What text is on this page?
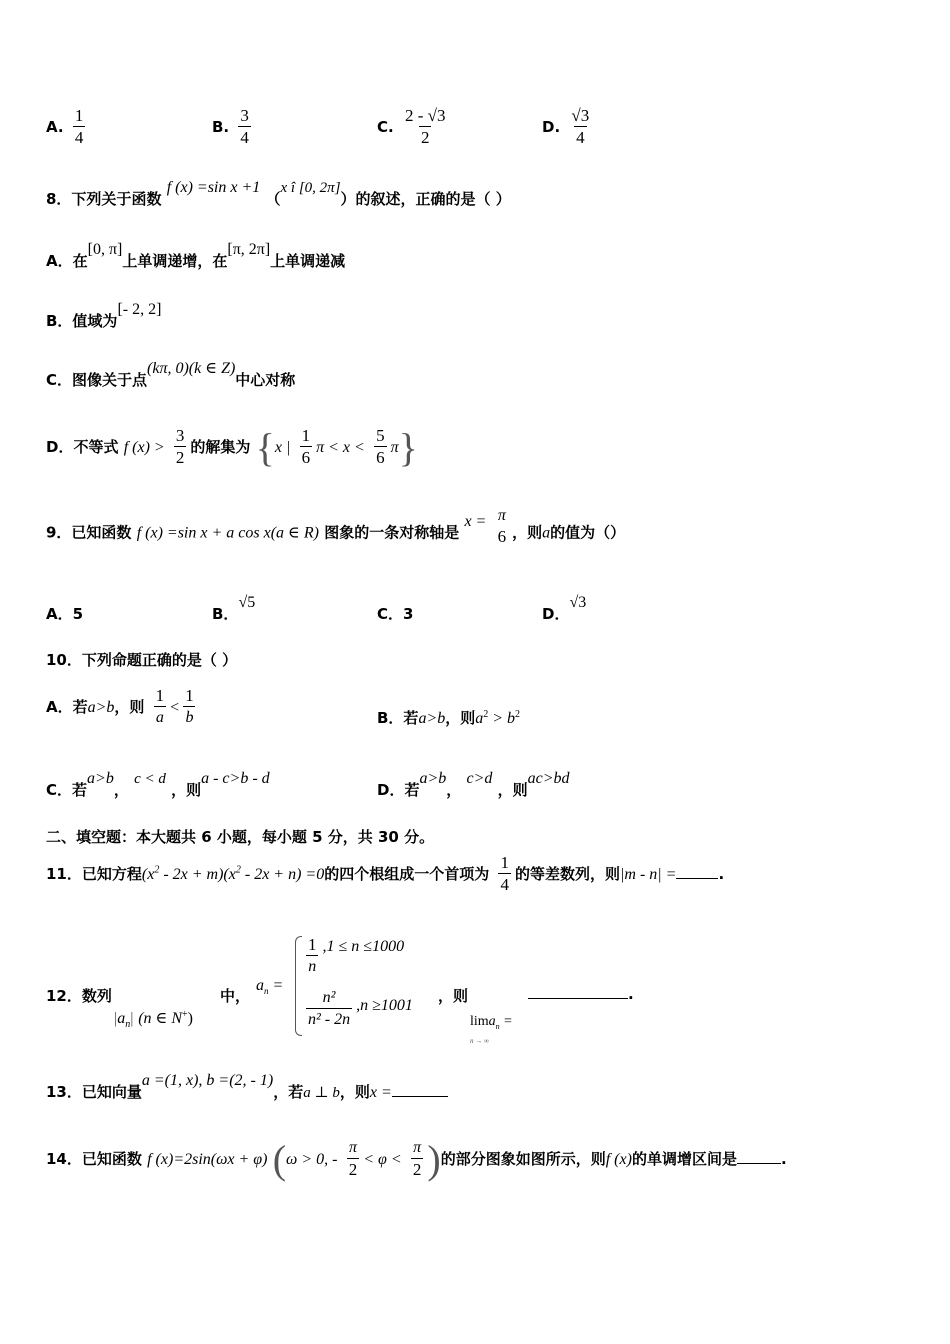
A. $\frac{1}{4}$	B. $\frac{3}{4}$	C. $\frac{2 - √3}{2}$	D. $\frac{√3}{4}$
8．下列关于函数 f (x) =sin x +1 （x î [0, 2π]）的叙述，正确的是（ ）
A．在[0, π]上单调递增，在[π, 2π]上单调递减
B．值域为[- 2, 2]
C．图像关于点(kπ, 0)(k ∈ Z)中心对称
D．不等式 f $(x) > \frac{3}{2}$ 的解集为 {x | $\frac{1}{6}$ $\pi < x < \frac{5}{6} \pi$}
9．已知函数 f (x) =sin x + a cos x(a ∈ R) 图象的一条对称轴是 x = π
6 ，则a的值为（）
A．5	B．√5
C．3	D．√3
10．下列命题正确的是（ ）
A．若a>b，则 $\frac{1}{a} < \frac{1}{b}$	B．若a>b，则$a^2 > b^2$
C．若a>b， c < d ，则a - c>b - d
D．若a>b， c>d ，则ac>bd
二、填空题：本大题共 6 小题，每小题 5 分，共 30 分。
11．已知方程$(x^2 - 2x + m)(x^2 - 2x + n) =0$的四个根组成一个首项为 $\frac{1}{4}$ 的等差数列，则|m - n| =	.
12．数列
$|a_n|$ (n ∈ N+)
中，
$a_n$ =
$\frac{1}{n} ,1 \le n \le 1000$
$\frac{\text{n²}}{\text{n² - 2n}} ,n \ge 1001$
，则
lima$_n$ =
n → ∞
.
13．已知向量a =(1, x), b =(2, - 1)，若a ⊥ b，则x =
14．已知函数 f (x)=2sin(ωx + φ) (ω > 0, - $\frac{\pi}{2} < \varphi < \frac{\pi}{2}$ )的部分图象如图所示，则f (x)的单调增区间是	.
